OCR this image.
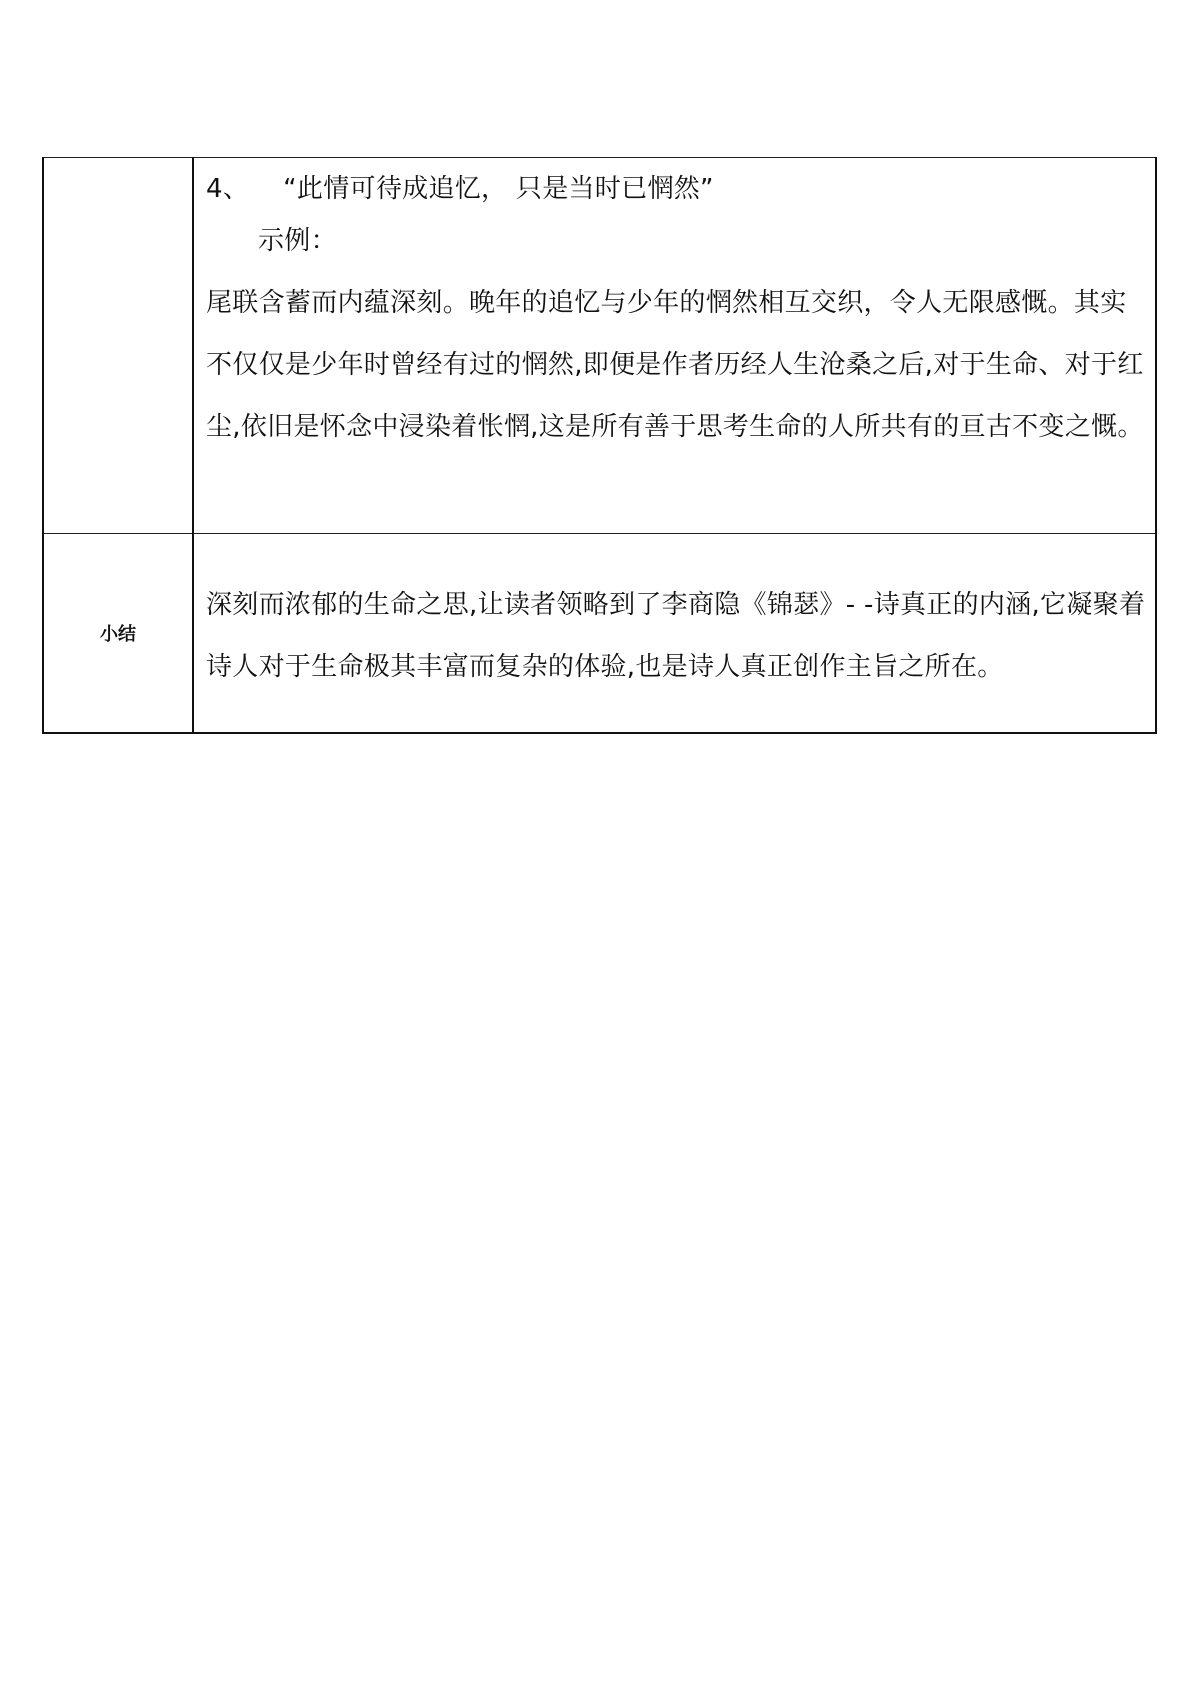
	4、 “此情可待成追忆， 只是当时已惘然”
示例：
尾联含蓄而内蕴深刻。晚年的追忆与少年的惘然相互交织，令人无限感慨。其实不仅仅是少年时曾经有过的惘然,即便是作者历经人生沧桑之后,对于生命、对于红尘,依旧是怀念中浸染着怅惘,这是所有善于思考生命的人所共有的亘古不变之慨。

小结	深刻而浓郁的生命之思,让读者领略到了李商隐《锦瑟》- -诗真正的内涵,它凝聚着诗人对于生命极其丰富而复杂的体验,也是诗人真正创作主旨之所在。
